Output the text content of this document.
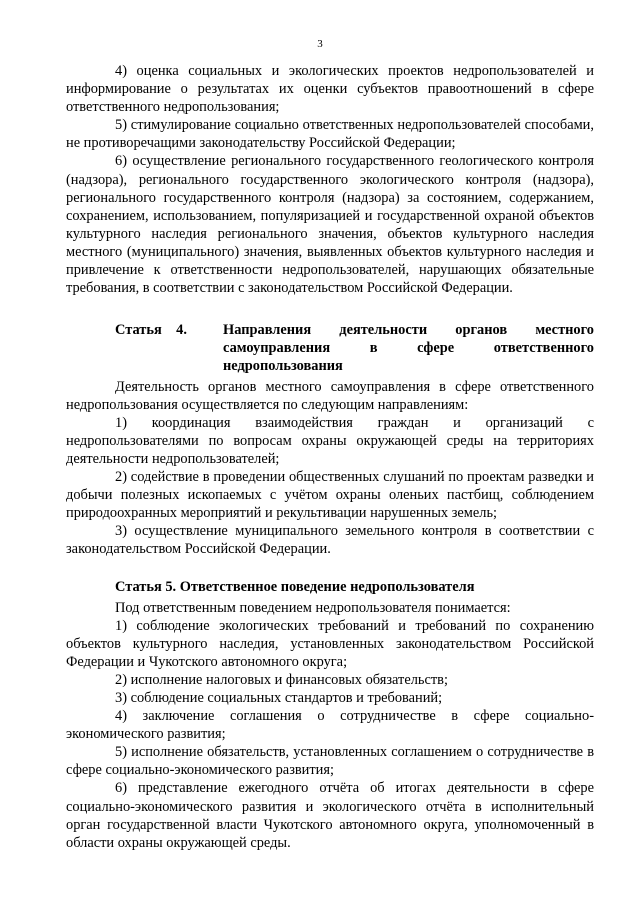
3

4) оценка социальных и экологических проектов недропользователей и информирование о результатах их оценки субъектов правоотношений в сфере ответственного недропользования;

5) стимулирование социально ответственных недропользователей способами, не противоречащими законодательству Российской Федерации;

6) осуществление регионального государственного геологического контроля (надзора), регионального государственного экологического контроля (надзора), регионального государственного контроля (надзора) за состоянием, содержанием, сохранением, использованием, популяризацией и государственной охраной объектов культурного наследия регионального значения, объектов культурного наследия местного (муниципального) значения, выявленных объектов культурного наследия и привлечение к ответственности недропользователей, нарушающих обязательные требования, в соответствии с законодательством Российской Федерации.

Статья    4.	Направления деятельности органов местного самоуправления в сфере ответственного
недропользования

Деятельность органов местного самоуправления в сфере ответственного недропользования осуществляется по следующим направлениям:

1) координация взаимодействия граждан и организаций с недропользователями по вопросам охраны окружающей среды на территориях деятельности недропользователей;

2) содействие в проведении общественных слушаний по проектам разведки и добычи полезных ископаемых с учётом охраны оленьих пастбищ, соблюдением природоохранных мероприятий и рекультивации нарушенных земель;

3) осуществление муниципального земельного контроля в соответствии с законодательством Российской Федерации.

Статья 5. Ответственное поведение недропользователя

Под ответственным поведением недропользователя понимается:

1) соблюдение экологических требований и требований по сохранению объектов культурного наследия, установленных законодательством Российской Федерации и Чукотского автономного округа;

2) исполнение налоговых и финансовых обязательств;

3) соблюдение социальных стандартов и требований;

4) заключение соглашения о сотрудничестве в сфере социально-экономического развития;

5) исполнение обязательств, установленных соглашением о сотрудничестве в сфере социально-экономического развития;

6) представление ежегодного отчёта об итогах деятельности в сфере социально-экономического развития и экологического отчёта в исполнительный орган государственной власти Чукотского автономного округа, уполномоченный в области охраны окружающей среды.
